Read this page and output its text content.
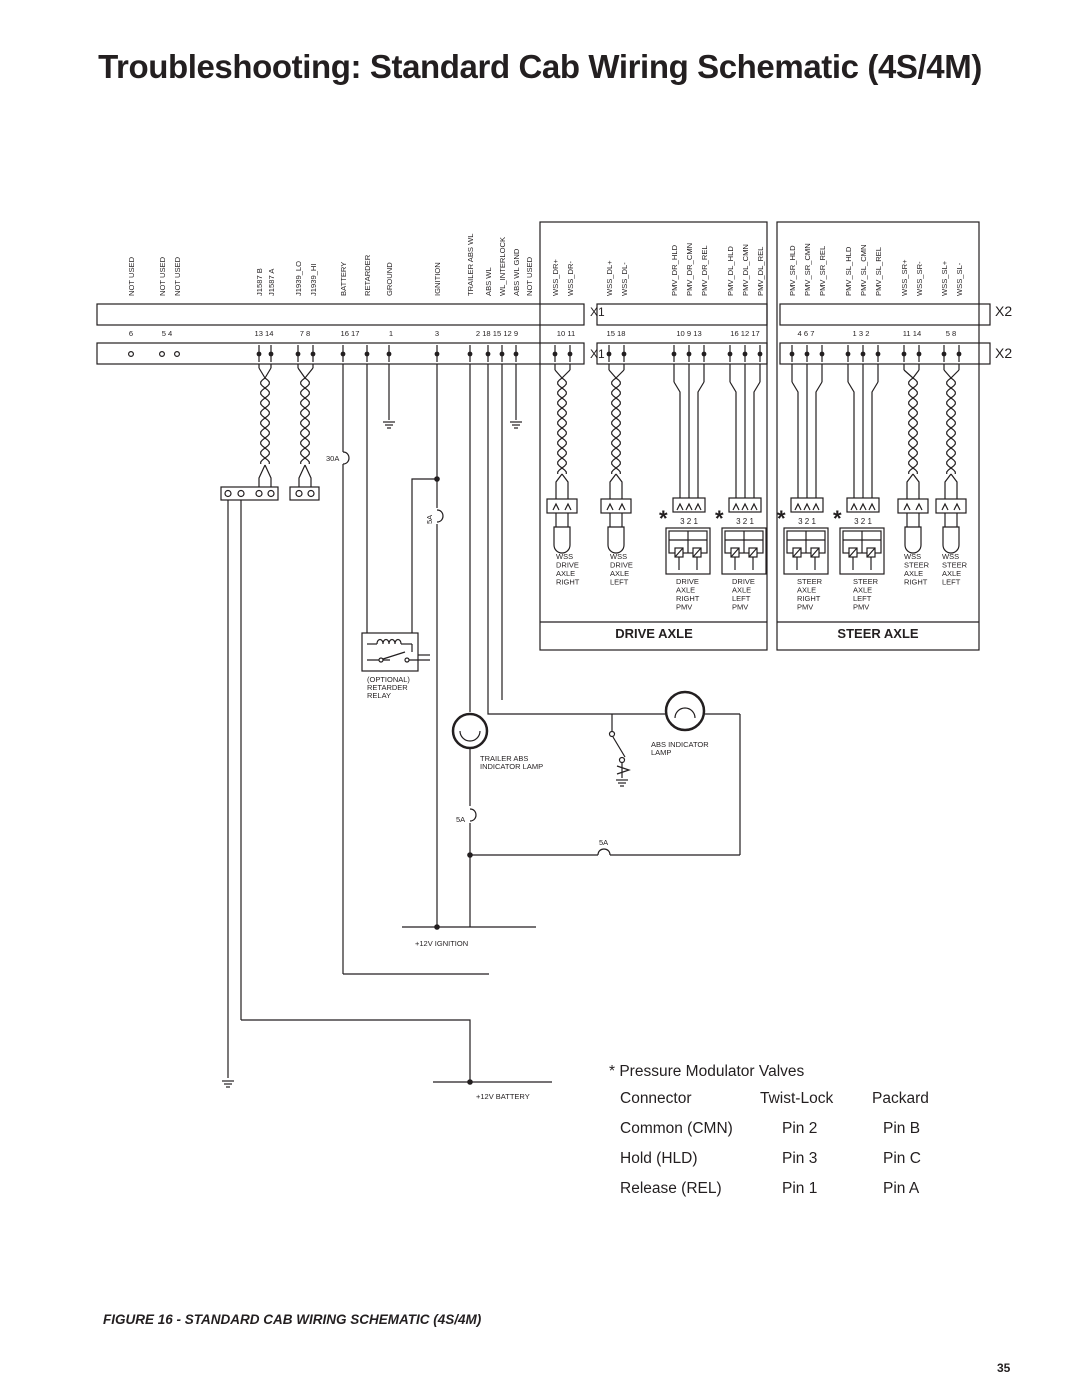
Troubleshooting: Standard Cab Wiring Schematic (4S/4M)
NOT USED	NOT USED NOT USED	J1587 B J1587 A J1939_LO J1939_HI	BATTERY RETARDER GROUND	IGNITION	TRAILER ABS WL ABS WL WL_INTERLOCK ABS WL GND NOT USED WSS_DR+ WSS_DR-	WSS_DL+ WSS_DL-	PMV_DR_HLD PMV_DR_CMN PMV_DR_REL PMV_DL_HLD PMV_DL_CMN PMV_DL_REL	PMV_SR_HLD PMV_SR_CMN PMV_SR_REL PMV_SL_HLD PMV_SL_CMN PMV_SL_REL WSS_SR+ WSS_SR- WSS_SL+ WSS_SL-
6	5 4	13 14	7 8	16 17	1	3	2 18 15 12 9	10 11	15 18	10 9 13	16 12 17	4 6 7	1 3 2	11 14	5 8
X1
X1
X2
X2
30A
5A
+12V IGNITION
(OPTIONAL)
RETARDER
RELAY
5A
5A
TRAILER ABS
INDICATOR LAMP
+12V BATTERY
ABS INDICATOR
LAMP
DRIVE AXLE	STEER AXLE
WSS
DRIVE
AXLE
RIGHT
WSS
DRIVE
AXLE
LEFT
WSS
STEER
AXLE
RIGHT
WSS
STEER
AXLE
LEFT
* 3 2 1
DRIVE
AXLE
RIGHT
PMV
* 3 2 1
DRIVE
AXLE
LEFT
PMV
* 3 2 1
STEER
AXLE
RIGHT
PMV
* 3 2 1
STEER
AXLE
LEFT
PMV
* Pressure Modulator Valves
Connector	Twist-Lock	Packard
Common (CMN)	Pin 2	Pin B
Hold (HLD)	Pin 3	Pin C
Release (REL)	Pin 1	Pin A
FIGURE 16 - STANDARD CAB WIRING SCHEMATIC (4S/4M)
35
